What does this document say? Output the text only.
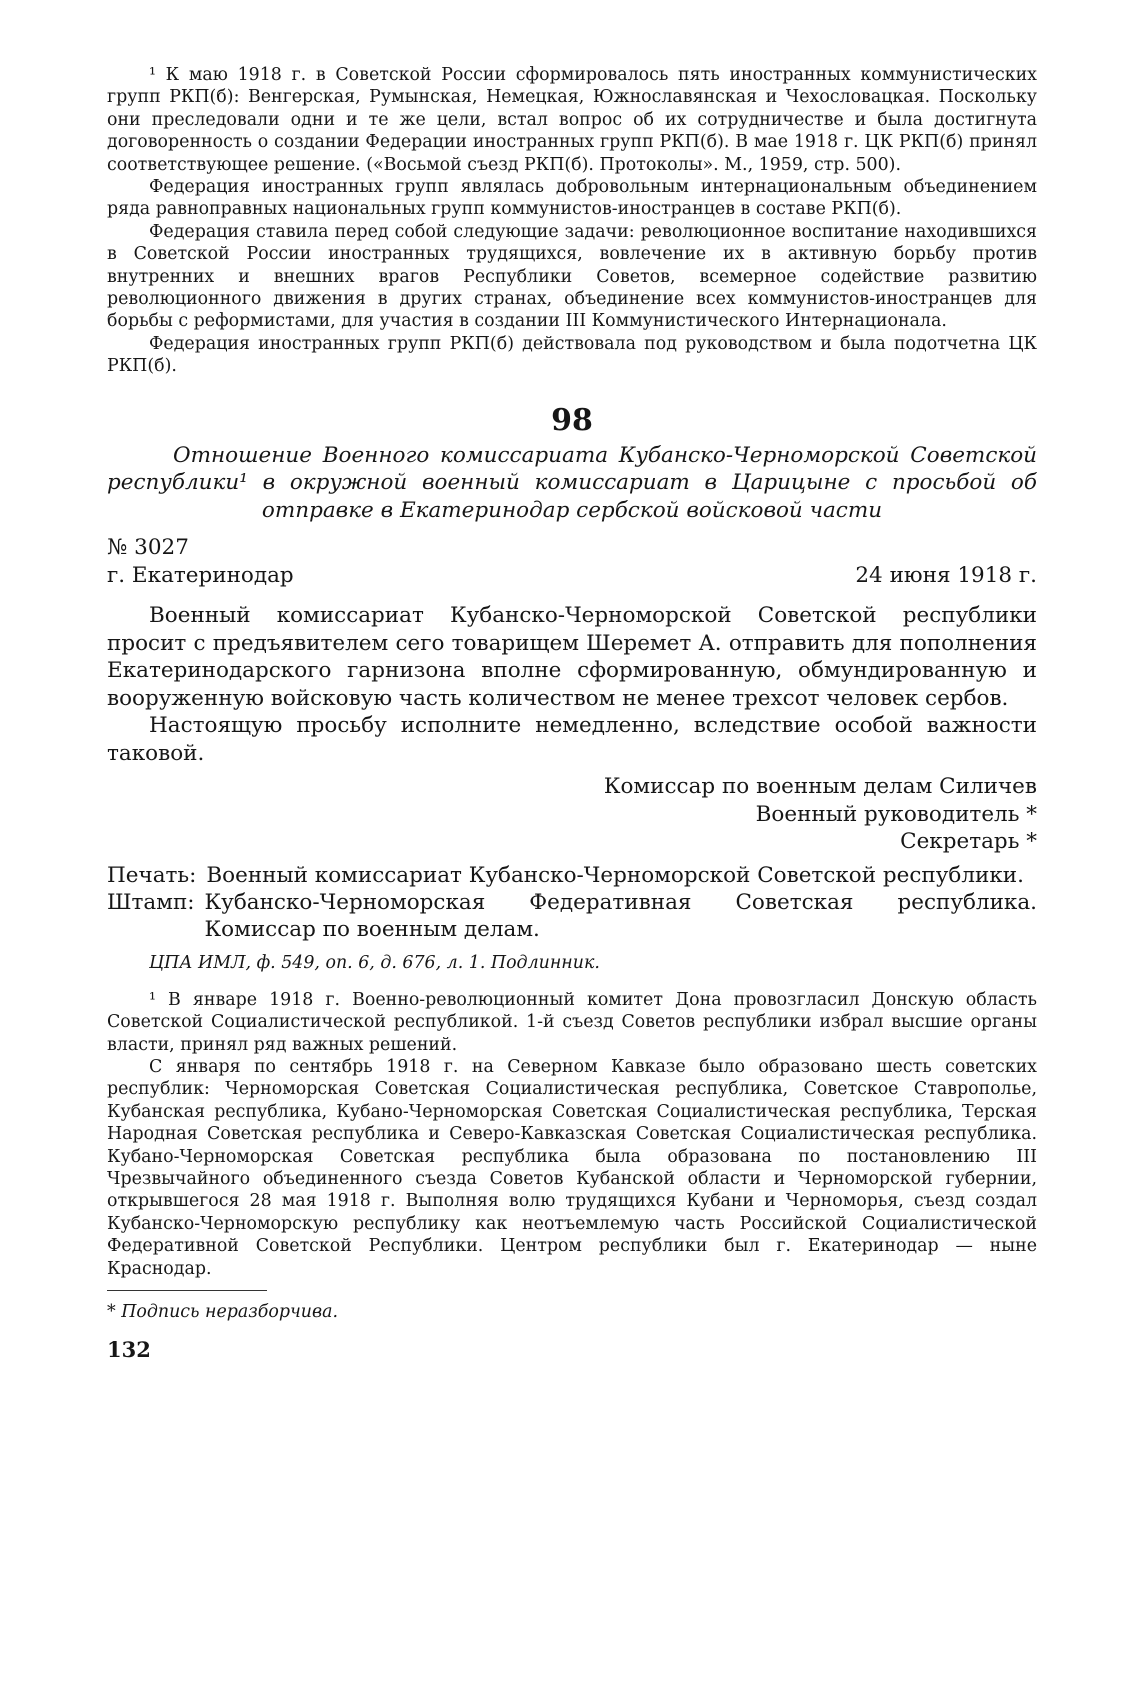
¹ К маю 1918 г. в Советской России сформировалось пять иностранных коммунистических групп РКП(б): Венгерская, Румынская, Немецкая, Южнославянская и Чехословацкая. Поскольку они преследовали одни и те же цели, встал вопрос об их сотрудничестве и была достигнута договоренность о создании Федерации иностранных групп РКП(б). В мае 1918 г. ЦК РКП(б) принял соответствующее решение. («Восьмой съезд РКП(б). Протоколы». М., 1959, стр. 500).

Федерация иностранных групп являлась добровольным интернациональным объединением ряда равноправных национальных групп коммунистов-иностранцев в составе РКП(б).

Федерация ставила перед собой следующие задачи: революционное воспитание находившихся в Советской России иностранных трудящихся, вовлечение их в активную борьбу против внутренних и внешних врагов Республики Советов, всемерное содействие развитию революционного движения в других странах, объединение всех коммунистов-иностранцев для борьбы с реформистами, для участия в создании III Коммунистического Интернационала.

Федерация иностранных групп РКП(б) действовала под руководством и была подотчетна ЦК РКП(б).

98

Отношение Военного комиссариата Кубанско-Черноморской Советской республики¹ в окружной военный комиссариат в Царицыне с просьбой об отправке в Екатеринодар сербской войсковой части

№ 3027
г. Екатеринодар	24 июня 1918 г.

Военный комиссариат Кубанско-Черноморской Советской республики просит с предъявителем сего товарищем Шеремет А. отправить для пополнения Екатеринодарского гарнизона вполне сформированную, обмундированную и вооруженную войсковую часть количеством не менее трехсот человек сербов.

Настоящую просьбу исполните немедленно, вследствие особой важности таковой.

Комиссар по военным делам Силичев
Военный руководитель *
Секретарь *
Печать: Военный комиссариат Кубанско-Черноморской Советской республики.
Штамп: Кубанско-Черноморская Федеративная Советская республика. Комиссар по военным делам.
ЦПА ИМЛ, ф. 549, оп. 6, д. 676, л. 1. Подлинник.

¹ В январе 1918 г. Военно-революционный комитет Дона провозгласил Донскую область Советской Социалистической республикой. 1-й съезд Советов республики избрал высшие органы власти, принял ряд важных решений.

С января по сентябрь 1918 г. на Северном Кавказе было образовано шесть советских республик: Черноморская Советская Социалистическая республика, Советское Ставрополье, Кубанская республика, Кубано-Черноморская Советская Социалистическая республика, Терская Народная Советская республика и Северо-Кавказская Советская Социалистическая республика. Кубано-Черноморская Советская республика была образована по постановлению III Чрезвычайного объединенного съезда Советов Кубанской области и Черноморской губернии, открывшегося 28 мая 1918 г. Выполняя волю трудящихся Кубани и Черноморья, съезд создал Кубанско-Черноморскую республику как неотъемлемую часть Российской Социалистической Федеративной Советской Республики. Центром республики был г. Екатеринодар — ныне Краснодар.

* Подпись неразборчива.
132
